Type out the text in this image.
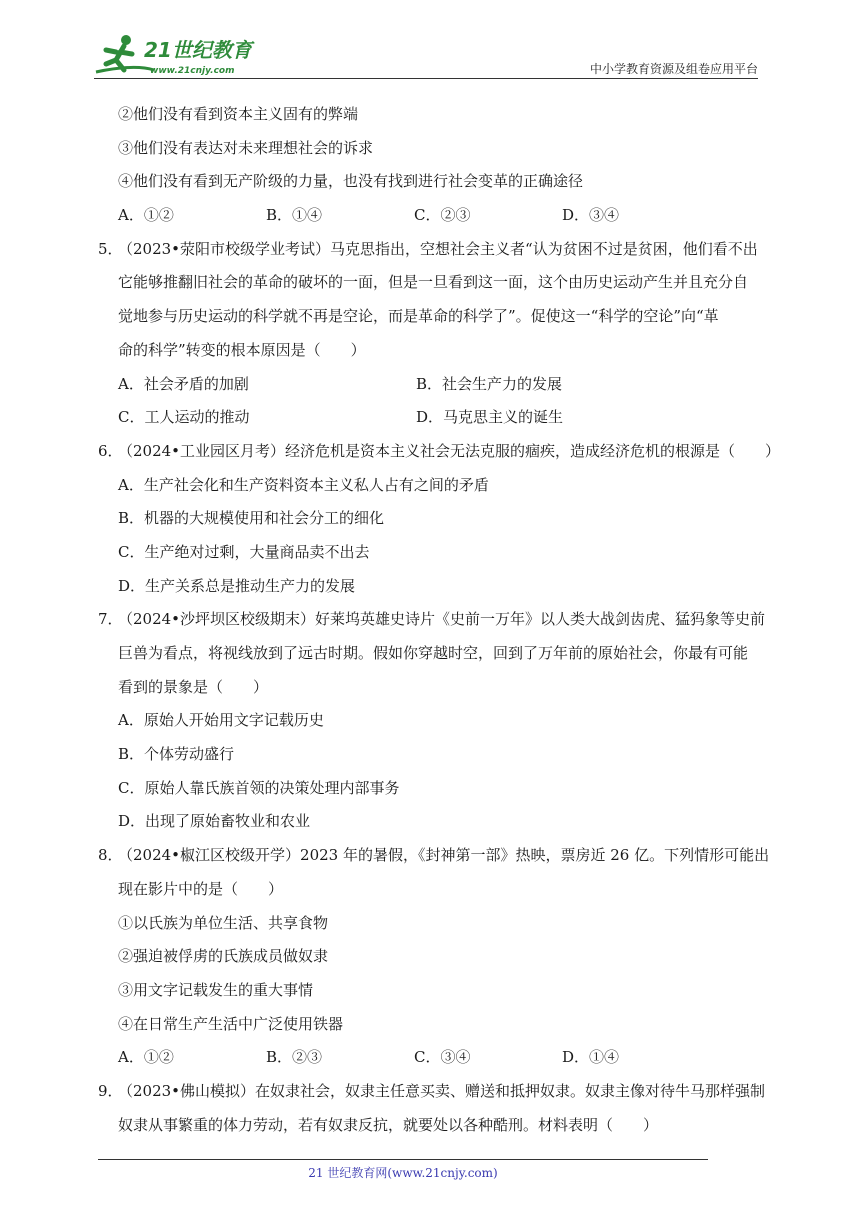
21世纪教育
www.21cnjy.com	中小学教育资源及组卷应用平台
②他们没有看到资本主义固有的弊端
③他们没有表达对未来理想社会的诉求
④他们没有看到无产阶级的力量，也没有找到进行社会变革的正确途径
A．①②	B．①④	C．②③	D．③④
5．（2023•荥阳市校级学业考试）马克思指出，空想社会主义者“认为贫困不过是贫困，他们看不出
它能够推翻旧社会的革命的破坏的一面，但是一旦看到这一面，这个由历史运动产生并且充分自
觉地参与历史运动的科学就不再是空论，而是革命的科学了”。促使这一“科学的空论”向“革
命的科学”转变的根本原因是（　　）
A．社会矛盾的加剧	B．社会生产力的发展
C．工人运动的推动	D．马克思主义的诞生
6．（2024•工业园区月考）经济危机是资本主义社会无法克服的痼疾，造成经济危机的根源是（　　）
A．生产社会化和生产资料资本主义私人占有之间的矛盾
B．机器的大规模使用和社会分工的细化
C．生产绝对过剩，大量商品卖不出去
D．生产关系总是推动生产力的发展
7．（2024•沙坪坝区校级期末）好莱坞英雄史诗片《史前一万年》以人类大战剑齿虎、猛犸象等史前
巨兽为看点，将视线放到了远古时期。假如你穿越时空，回到了万年前的原始社会，你最有可能
看到的景象是（　　）
A．原始人开始用文字记载历史
B．个体劳动盛行
C．原始人靠氏族首领的决策处理内部事务
D．出现了原始畜牧业和农业
8．（2024•椒江区校级开学）2023 年的暑假，《封神第一部》热映，票房近 26 亿。下列情形可能出
现在影片中的是（　　）
①以氏族为单位生活、共享食物
②强迫被俘虏的氏族成员做奴隶
③用文字记载发生的重大事情
④在日常生产生活中广泛使用铁器
A．①②	B．②③	C．③④	D．①④
9．（2023•佛山模拟）在奴隶社会，奴隶主任意买卖、赠送和抵押奴隶。奴隶主像对待牛马那样强制
奴隶从事繁重的体力劳动，若有奴隶反抗，就要处以各种酷刑。材料表明（　　）
21 世纪教育网(www.21cnjy.com)
